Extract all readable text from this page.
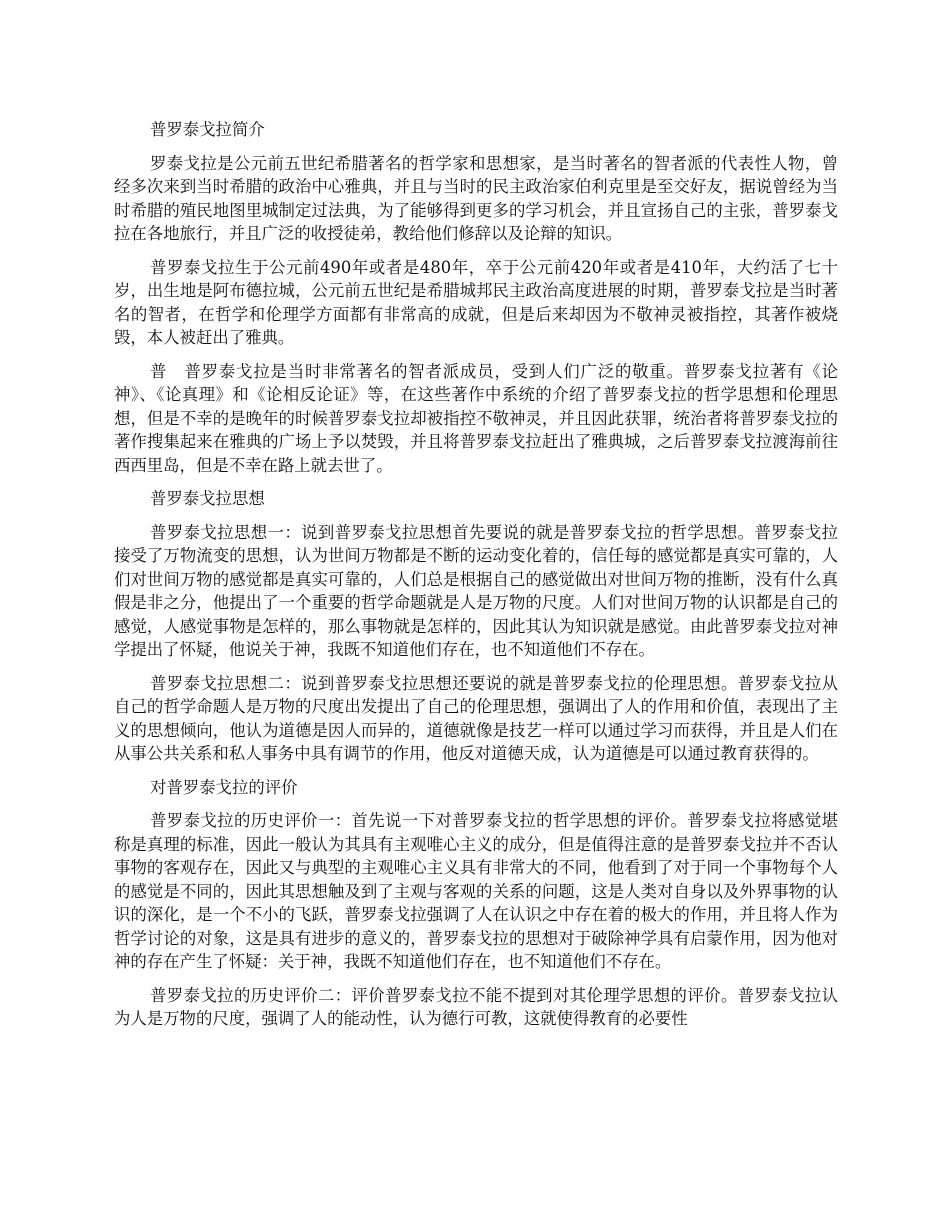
普罗泰戈拉简介

罗泰戈拉是公元前五世纪希腊著名的哲学家和思想家，是当时著名的智者派的代表性人物，曾经多次来到当时希腊的政治中心雅典，并且与当时的民主政治家伯利克里是至交好友，据说曾经为当时希腊的殖民地图里城制定过法典，为了能够得到更多的学习机会，并且宣扬自己的主张，普罗泰戈拉在各地旅行，并且广泛的收授徒弟，教给他们修辞以及论辩的知识。

普罗泰戈拉生于公元前490年或者是480年，卒于公元前420年或者是410年，大约活了七十岁，出生地是阿布德拉城，公元前五世纪是希腊城邦民主政治高度进展的时期，普罗泰戈拉是当时著名的智者，在哲学和伦理学方面都有非常高的成就，但是后来却因为不敬神灵被指控，其著作被烧毁，本人被赶出了雅典。

普　普罗泰戈拉是当时非常著名的智者派成员，受到人们广泛的敬重。普罗泰戈拉著有《论神》、《论真理》和《论相反论证》等，在这些著作中系统的介绍了普罗泰戈拉的哲学思想和伦理思想，但是不幸的是晚年的时候普罗泰戈拉却被指控不敬神灵，并且因此获罪，统治者将普罗泰戈拉的著作搜集起来在雅典的广场上予以焚毁，并且将普罗泰戈拉赶出了雅典城，之后普罗泰戈拉渡海前往西西里岛，但是不幸在路上就去世了。

普罗泰戈拉思想

普罗泰戈拉思想一：说到普罗泰戈拉思想首先要说的就是普罗泰戈拉的哲学思想。普罗泰戈拉接受了万物流变的思想，认为世间万物都是不断的运动变化着的，信任每的感觉都是真实可靠的，人们对世间万物的感觉都是真实可靠的，人们总是根据自己的感觉做出对世间万物的推断，没有什么真假是非之分，他提出了一个重要的哲学命题就是人是万物的尺度。人们对世间万物的认识都是自己的感觉，人感觉事物是怎样的，那么事物就是怎样的，因此其认为知识就是感觉。由此普罗泰戈拉对神学提出了怀疑，他说关于神，我既不知道他们存在，也不知道他们不存在。

普罗泰戈拉思想二：说到普罗泰戈拉思想还要说的就是普罗泰戈拉的伦理思想。普罗泰戈拉从自己的哲学命题人是万物的尺度出发提出了自己的伦理思想，强调出了人的作用和价值，表现出了主义的思想倾向，他认为道德是因人而异的，道德就像是技艺一样可以通过学习而获得，并且是人们在从事公共关系和私人事务中具有调节的作用，他反对道德天成，认为道德是可以通过教育获得的。

对普罗泰戈拉的评价

普罗泰戈拉的历史评价一：首先说一下对普罗泰戈拉的哲学思想的评价。普罗泰戈拉将感觉堪称是真理的标准，因此一般认为其具有主观唯心主义的成分，但是值得注意的是普罗泰戈拉并不否认事物的客观存在，因此又与典型的主观唯心主义具有非常大的不同，他看到了对于同一个事物每个人的感觉是不同的，因此其思想触及到了主观与客观的关系的问题，这是人类对自身以及外界事物的认识的深化，是一个不小的飞跃，普罗泰戈拉强调了人在认识之中存在着的极大的作用，并且将人作为哲学讨论的对象，这是具有进步的意义的，普罗泰戈拉的思想对于破除神学具有启蒙作用，因为他对神的存在产生了怀疑：关于神，我既不知道他们存在，也不知道他们不存在。

普罗泰戈拉的历史评价二：评价普罗泰戈拉不能不提到对其伦理学思想的评价。普罗泰戈拉认为人是万物的尺度，强调了人的能动性，认为德行可教，这就使得教育的必要性
